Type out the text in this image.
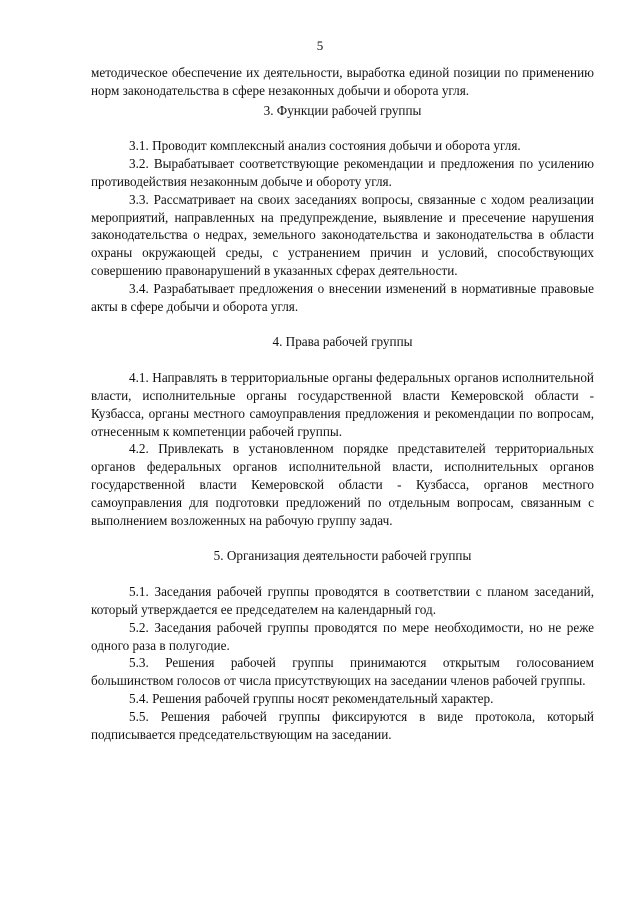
5

методическое обеспечение их деятельности, выработка единой позиции по применению норм законодательства в сфере незаконных добычи и оборота угля.

3. Функции рабочей группы

3.1. Проводит комплексный анализ состояния добычи и оборота угля.

3.2. Вырабатывает соответствующие рекомендации и предложения по усилению противодействия незаконным добыче и обороту угля.

3.3. Рассматривает на своих заседаниях вопросы, связанные с ходом реализации мероприятий, направленных на предупреждение, выявление и пресечение нарушения законодательства о недрах, земельного законодательства и законодательства в области охраны окружающей среды, с устранением причин и условий, способствующих совершению правонарушений в указанных сферах деятельности.

3.4. Разрабатывает предложения о внесении изменений в нормативные правовые акты в сфере добычи и оборота угля.

4. Права рабочей группы

4.1. Направлять в территориальные органы федеральных органов исполнительной власти, исполнительные органы государственной власти Кемеровской области - Кузбасса, органы местного самоуправления предложения и рекомендации по вопросам, отнесенным к компетенции рабочей группы.

4.2. Привлекать в установленном порядке представителей территориальных органов федеральных органов исполнительной власти, исполнительных органов государственной власти Кемеровской области - Кузбасса, органов местного самоуправления для подготовки предложений по отдельным вопросам, связанным с выполнением возложенных на рабочую группу задач.

5. Организация деятельности рабочей группы

5.1. Заседания рабочей группы проводятся в соответствии с планом заседаний, который утверждается ее председателем на календарный год.

5.2. Заседания рабочей группы проводятся по мере необходимости, но не реже одного раза в полугодие.

5.3. Решения рабочей группы принимаются открытым голосованием большинством голосов от числа присутствующих на заседании членов рабочей группы.

5.4. Решения рабочей группы носят рекомендательный характер.

5.5. Решения рабочей группы фиксируются в виде протокола, который подписывается председательствующим на заседании.
